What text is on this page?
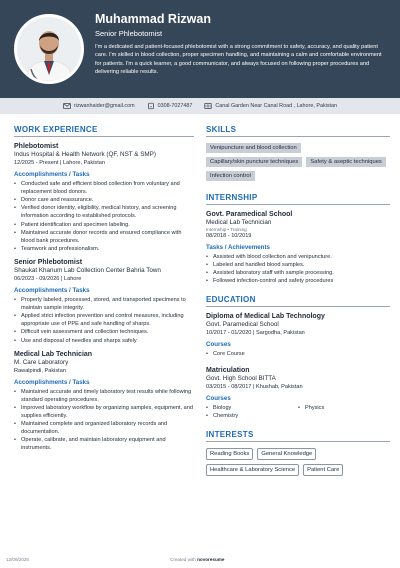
Muhammad Rizwan
Senior Phlebotomist
I'm a dedicated and patient-focused phlebotomist with a strong commitment to safety, accuracy, and quality patient care. I'm skilled in blood collection, proper specimen handling, and maintaining a calm and comfortable environment for patients. I'm a quick learner, a good communicator, and always focused on following proper procedures and delivering reliable results.
rizwanhaider@gmail.com	0308-7027487	Canal Garden Near Canal Road , Lahore, Pakistan
WORK EXPERIENCE
Phlebotomist
Indus Hospital & Health Network (QF, NST & SMP)
12/2025 - Present | Lahore, Pakistan
Accomplishments / Tasks
• Conducted safe and efficient blood collection from voluntary and replacement blood donors.
• Donor care and reassurance.
• Verified donor identity, eligibility, medical history, and screening information according to established protocols.
• Patient identification and specimen labeling.
• Maintained accurate donor records and ensured compliance with blood bank procedures.
• Teamwork and professionalism.
Senior Phlebotomist
Shaukat Khanum Lab Collection Center Bahria Town
06/2023 - 09/2026 | Lahore
Accomplishments / Tasks
• Properly labeled, processed, stored, and transported specimens to maintain sample integrity.
• Applied strict infection prevention and control measures, including appropriate use of PPE and safe handling of sharps.
• Difficult vein assessment and collection techniques.
• Use and disposal of needles and sharps safely
Medical Lab Technician
M. Care Laboratory
Rawalpindi, Pakistan
Accomplishments / Tasks
• Maintained accurate and timely laboratory test results while following standard operating procedures.
• Improved laboratory workflow by organizing samples, equipment, and supplies efficiently.
• Maintained complete and organized laboratory records and documentation.
• Operate, calibrate, and maintain laboratory equipment and instruments.
SKILLS
Venipuncture and blood collection
Capillary/skin puncture techniques	Safety & aseptic techniques
Infection control
INTERNSHIP
Govt. Paramedical School
Medical Lab Technician
Internship • Training
08/2018 - 10/2019
Tasks / Achievements
• Assisted with blood collection and venipuncture.
• Labeled and handled blood samples.
• Assisted laboratory staff with sample processing.
• Followed infection-control and safety procedures
EDUCATION
Diploma of Medical Lab Technology
Govt. Paramedical School
10/2017 - 01/2020 | Sargodha, Pakistan
Courses
• Core Course
Matriculation
Govt. High School BITTA
03/2015 - 08/2017 | Khushab, Pakistan
Courses
• Biology
•	Physics
• Chemistry
INTERESTS
Reading Books	General Knowledge
Healthcare & Laboratory Science	Patient Care
12/09/2026	Created with novoresume
